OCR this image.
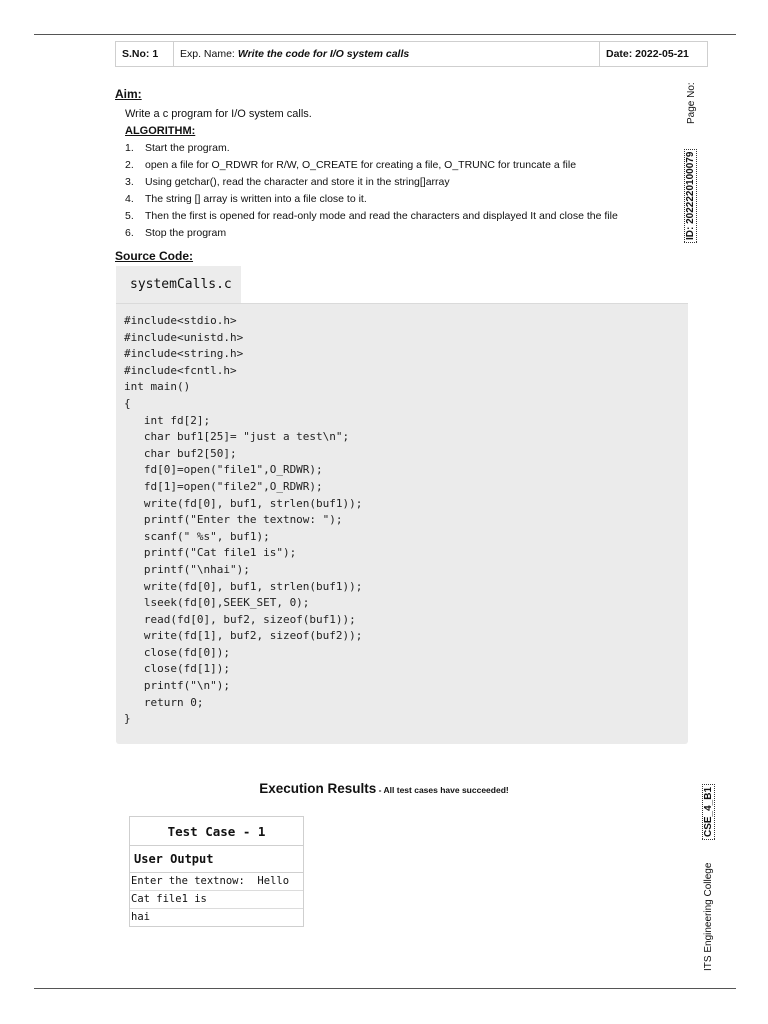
S.No: 1	Exp. Name: Write the code for I/O system calls	Date: 2022-05-21
Aim:
Write a c program for I/O system calls.
ALGORITHM:
1. Start the program.
2. open a file for O_RDWR for R/W, O_CREATE for creating a file, O_TRUNC for truncate a file
3. Using getchar(), read the character and store it in the string[]array
4. The string [] array is written into a file close to it.
5. Then the first is opened for read-only mode and read the characters and displayed It and close the file
6. Stop the program
Source Code:
systemCalls.c
#include<stdio.h>
#include<unistd.h>
#include<string.h>
#include<fcntl.h>
int main()
{
int fd[2];
char buf1[25]= "just a test\n";
char buf2[50];
fd[0]=open("file1",O_RDWR);
fd[1]=open("file2",O_RDWR);
write(fd[0], buf1, strlen(buf1));
printf("Enter the textnow: ");
scanf(" %s", buf1);
printf("Cat file1 is");
printf("\nhai");
write(fd[0], buf1, strlen(buf1));
lseek(fd[0],SEEK_SET, 0);
read(fd[0], buf2, sizeof(buf1));
write(fd[1], buf2, sizeof(buf2));
close(fd[0]);
close(fd[1]);
printf("\n");
return 0;
}
Execution Results - All test cases have succeeded!
Test Case - 1
User Output
Enter the textnow:  Hello
Cat file1 is
hai
Page No:
ID: 2022220100079
CSE_4_B1
ITS Engineering College
